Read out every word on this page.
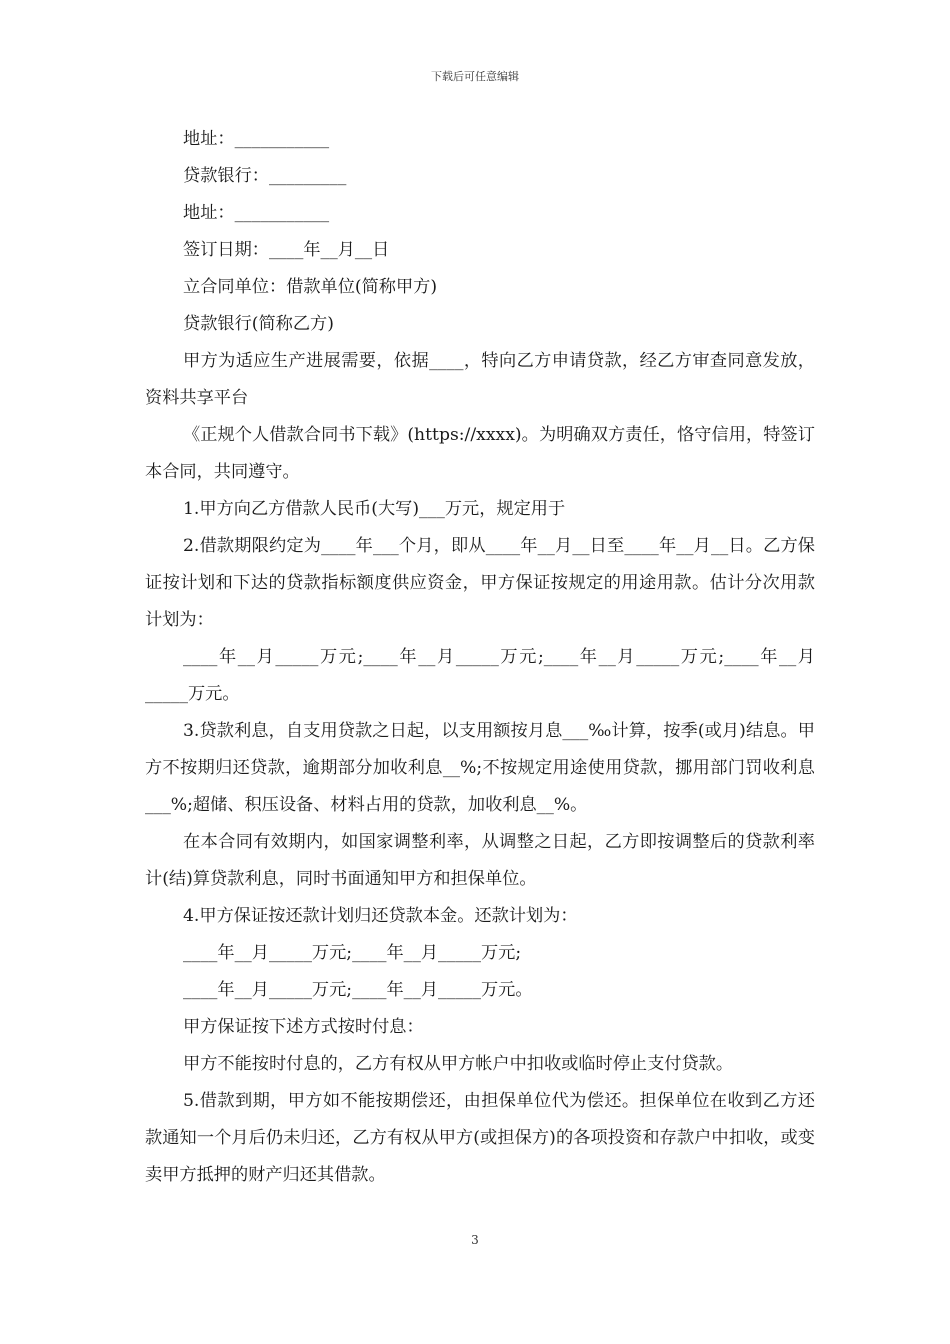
下载后可任意编辑

地址：___________

贷款银行：_________

地址：___________

签订日期：____年__月__日

立合同单位：借款单位(简称甲方)

贷款银行(简称乙方)

甲方为适应生产进展需要，依据____，特向乙方申请贷款，经乙方审查同意发放，资料共享平台

《正规个人借款合同书下载》(https://xxxx)。为明确双方责任，恪守信用，特签订本合同，共同遵守。

1.甲方向乙方借款人民币(大写)___万元，规定用于

2.借款期限约定为____年___个月，即从____年__月__日至____年__月__日。乙方保证按计划和下达的贷款指标额度供应资金，甲方保证按规定的用途用款。估计分次用款计划为：

____年__月_____万元;____年__月_____万元;____年__月_____万元;____年__月_____万元。

3.贷款利息，自支用贷款之日起，以支用额按月息___‰计算，按季(或月)结息。甲方不按期归还贷款，逾期部分加收利息__%;不按规定用途使用贷款，挪用部门罚收利息___%;超储、积压设备、材料占用的贷款，加收利息__%。

在本合同有效期内，如国家调整利率，从调整之日起，乙方即按调整后的贷款利率计(结)算贷款利息，同时书面通知甲方和担保单位。

4.甲方保证按还款计划归还贷款本金。还款计划为：

____年__月_____万元;____年__月_____万元;

____年__月_____万元;____年__月_____万元。

甲方保证按下述方式按时付息：

甲方不能按时付息的，乙方有权从甲方帐户中扣收或临时停止支付贷款。

5.借款到期，甲方如不能按期偿还，由担保单位代为偿还。担保单位在收到乙方还款通知一个月后仍未归还，乙方有权从甲方(或担保方)的各项投资和存款户中扣收，或变卖甲方抵押的财产归还其借款。

3
